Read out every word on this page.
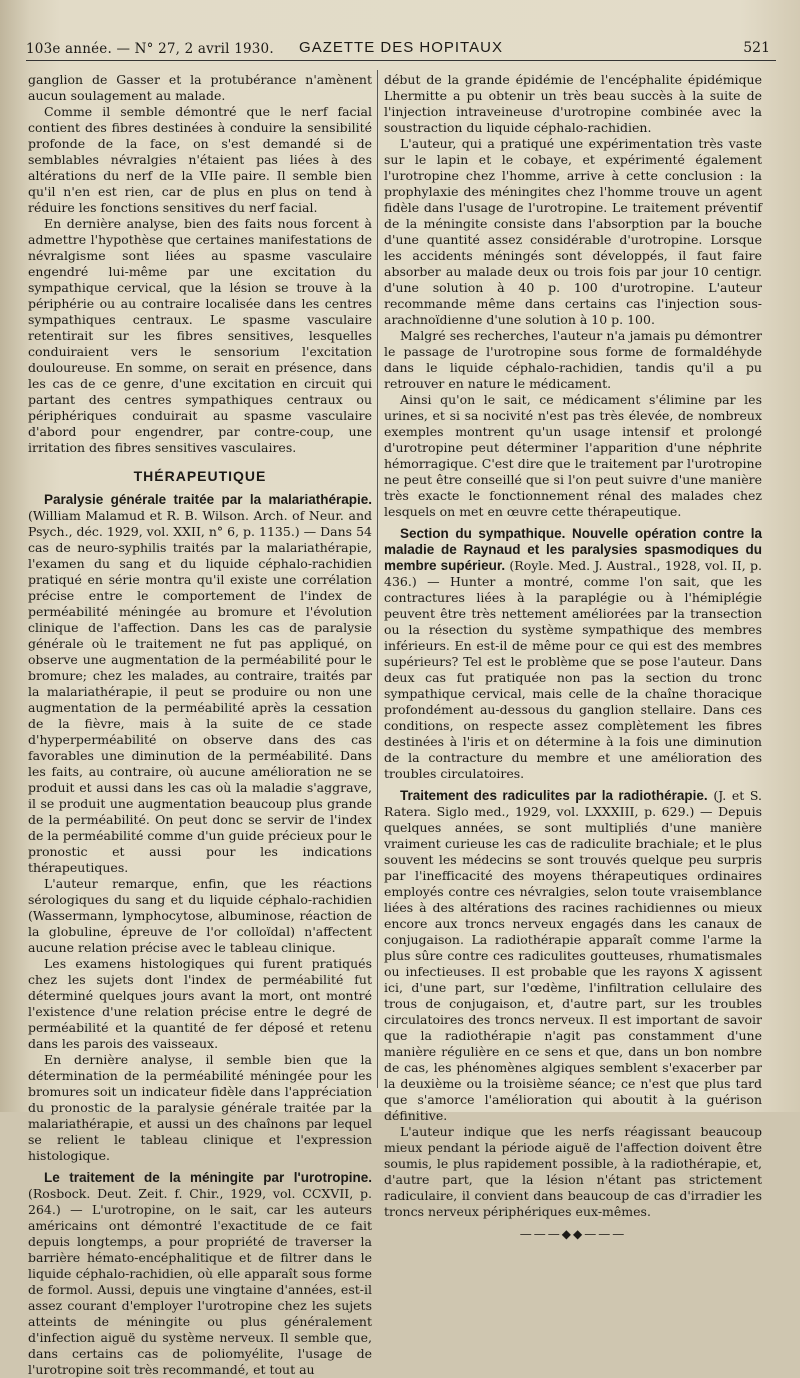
103e année. — N° 27, 2 avril 1930.	GAZETTE DES HOPITAUX	521

ganglion de Gasser et la protubérance n'amènent aucun soulagement au malade.

Comme il semble démontré que le nerf facial contient des fibres destinées à conduire la sensibilité profonde de la face, on s'est demandé si de semblables névralgies n'étaient pas liées à des altérations du nerf de la VIIe paire. Il semble bien qu'il n'en est rien, car de plus en plus on tend à réduire les fonctions sensitives du nerf facial.

En dernière analyse, bien des faits nous forcent à admettre l'hypothèse que certaines manifestations de névralgisme sont liées au spasme vasculaire engendré lui-même par une excitation du sympathique cervical, que la lésion se trouve à la périphérie ou au contraire localisée dans les centres sympathiques centraux. Le spasme vasculaire retentirait sur les fibres sensitives, lesquelles conduiraient vers le sensorium l'excitation douloureuse. En somme, on serait en présence, dans les cas de ce genre, d'une excitation en circuit qui partant des centres sympathiques centraux ou périphériques conduirait au spasme vasculaire d'abord pour engendrer, par contre-coup, une irritation des fibres sensitives vasculaires.

THÉRAPEUTIQUE

Paralysie générale traitée par la malariathérapie. (William Malamud et R. B. Wilson. Arch. of Neur. and Psych., déc. 1929, vol. XXII, n° 6, p. 1135.) — Dans 54 cas de neuro-syphilis traités par la malariathérapie, l'examen du sang et du liquide céphalo-rachidien pratiqué en série montra qu'il existe une corrélation précise entre le comportement de l'index de perméabilité méningée au bromure et l'évolution clinique de l'affection. Dans les cas de paralysie générale où le traitement ne fut pas appliqué, on observe une augmentation de la perméabilité pour le bromure; chez les malades, au contraire, traités par la malariathérapie, il peut se produire ou non une augmentation de la perméabilité après la cessation de la fièvre, mais à la suite de ce stade d'hyperperméabilité on observe dans des cas favorables une diminution de la perméabilité. Dans les faits, au contraire, où aucune amélioration ne se produit et aussi dans les cas où la maladie s'aggrave, il se produit une augmentation beaucoup plus grande de la perméabilité. On peut donc se servir de l'index de la perméabilité comme d'un guide précieux pour le pronostic et aussi pour les indications thérapeutiques.

L'auteur remarque, enfin, que les réactions sérologiques du sang et du liquide céphalo-rachidien (Wassermann, lymphocytose, albuminose, réaction de la globuline, épreuve de l'or colloïdal) n'affectent aucune relation précise avec le tableau clinique.

Les examens histologiques qui furent pratiqués chez les sujets dont l'index de perméabilité fut déterminé quelques jours avant la mort, ont montré l'existence d'une relation précise entre le degré de perméabilité et la quantité de fer déposé et retenu dans les parois des vaisseaux.

En dernière analyse, il semble bien que la détermination de la perméabilité méningée pour les bromures soit un indicateur fidèle dans l'appréciation du pronostic de la paralysie générale traitée par la malariathérapie, et aussi un des chaînons par lequel se relient le tableau clinique et l'expression histologique.

Le traitement de la méningite par l'urotropine. (Rosbock. Deut. Zeit. f. Chir., 1929, vol. CCXVII, p. 264.) — L'urotropine, on le sait, car les auteurs américains ont démontré l'exactitude de ce fait depuis longtemps, a pour propriété de traverser la barrière hémato-encéphalitique et de filtrer dans le liquide céphalo-rachidien, où elle apparaît sous forme de formol. Aussi, depuis une vingtaine d'années, est-il assez courant d'employer l'urotropine chez les sujets atteints de méningite ou plus généralement d'infection aiguë du système nerveux. Il semble que, dans certains cas de poliomyélite, l'usage de l'urotropine soit très recommandé, et tout au

début de la grande épidémie de l'encéphalite épidémique Lhermitte a pu obtenir un très beau succès à la suite de l'injection intraveineuse d'urotropine combinée avec la soustraction du liquide céphalo-rachidien.

L'auteur, qui a pratiqué une expérimentation très vaste sur le lapin et le cobaye, et expérimenté également l'urotropine chez l'homme, arrive à cette conclusion : la prophylaxie des méningites chez l'homme trouve un agent fidèle dans l'usage de l'urotropine. Le traitement préventif de la méningite consiste dans l'absorption par la bouche d'une quantité assez considérable d'urotropine. Lorsque les accidents méningés sont développés, il faut faire absorber au malade deux ou trois fois par jour 10 centigr. d'une solution à 40 p. 100 d'urotropine. L'auteur recommande même dans certains cas l'injection sous-arachnoïdienne d'une solution à 10 p. 100.

Malgré ses recherches, l'auteur n'a jamais pu démontrer le passage de l'urotropine sous forme de formaldéhyde dans le liquide céphalo-rachidien, tandis qu'il a pu retrouver en nature le médicament.

Ainsi qu'on le sait, ce médicament s'élimine par les urines, et si sa nocivité n'est pas très élevée, de nombreux exemples montrent qu'un usage intensif et prolongé d'urotropine peut déterminer l'apparition d'une néphrite hémorragique. C'est dire que le traitement par l'urotropine ne peut être conseillé que si l'on peut suivre d'une manière très exacte le fonctionnement rénal des malades chez lesquels on met en œuvre cette thérapeutique.

Section du sympathique. Nouvelle opération contre la maladie de Raynaud et les paralysies spasmodiques du membre supérieur. (Royle. Med. J. Austral., 1928, vol. II, p. 436.) — Hunter a montré, comme l'on sait, que les contractures liées à la paraplégie ou à l'hémiplégie peuvent être très nettement améliorées par la transection ou la résection du système sympathique des membres inférieurs. En est-il de même pour ce qui est des membres supérieurs? Tel est le problème que se pose l'auteur. Dans deux cas fut pratiquée non pas la section du tronc sympathique cervical, mais celle de la chaîne thoracique profondément au-dessous du ganglion stellaire. Dans ces conditions, on respecte assez complètement les fibres destinées à l'iris et on détermine à la fois une diminution de la contracture du membre et une amélioration des troubles circulatoires.

Traitement des radiculites par la radiothérapie. (J. et S. Ratera. Siglo med., 1929, vol. LXXXIII, p. 629.) — Depuis quelques années, se sont multipliés d'une manière vraiment curieuse les cas de radiculite brachiale; et le plus souvent les médecins se sont trouvés quelque peu surpris par l'inefficacité des moyens thérapeutiques ordinaires employés contre ces névralgies, selon toute vraisemblance liées à des altérations des racines rachidiennes ou mieux encore aux troncs nerveux engagés dans les canaux de conjugaison. La radiothérapie apparaît comme l'arme la plus sûre contre ces radiculites goutteuses, rhumatismales ou infectieuses. Il est probable que les rayons X agissent ici, d'une part, sur l'œdème, l'infiltration cellulaire des trous de conjugaison, et, d'autre part, sur les troubles circulatoires des troncs nerveux. Il est important de savoir que la radiothérapie n'agit pas constamment d'une manière régulière en ce sens et que, dans un bon nombre de cas, les phénomènes algiques semblent s'exacerber par la deuxième ou la troisième séance; ce n'est que plus tard que s'amorce l'amélioration qui aboutit à la guérison définitive.

L'auteur indique que les nerfs réagissant beaucoup mieux pendant la période aiguë de l'affection doivent être soumis, le plus rapidement possible, à la radiothérapie, et, d'autre part, que la lésion n'étant pas strictement radiculaire, il convient dans beaucoup de cas d'irradier les troncs nerveux périphériques eux-mêmes.

———◆◆———
